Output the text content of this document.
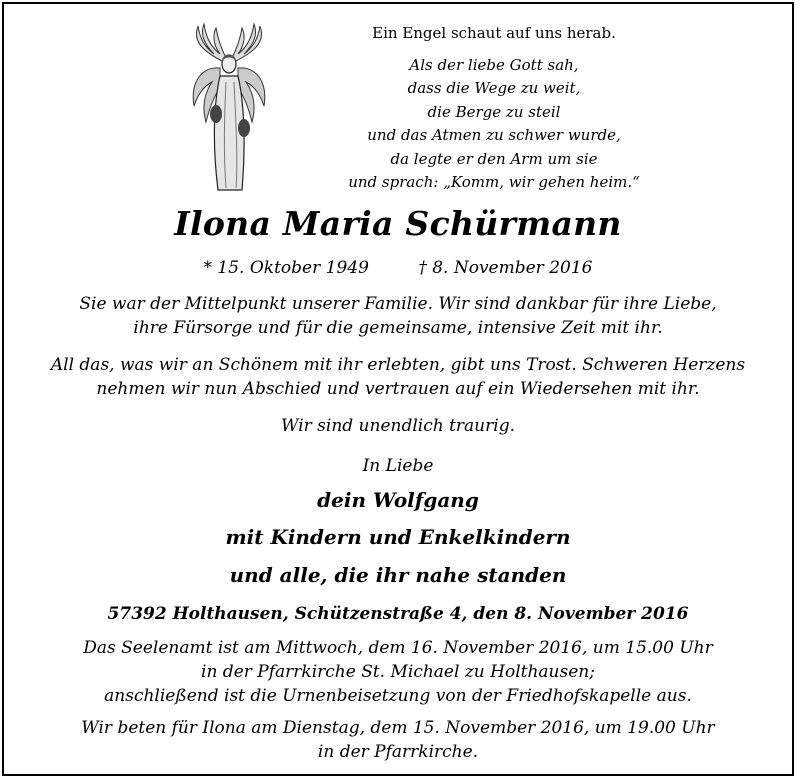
Ein Engel schaut auf uns herab.
Als der liebe Gott sah,
dass die Wege zu weit,
die Berge zu steil
und das Atmen zu schwer wurde,
da legte er den Arm um sie
und sprach: „Komm, wir gehen heim.“
Ilona Maria Schürmann
* 15. Oktober 1949	† 8. November 2016
Sie war der Mittelpunkt unserer Familie. Wir sind dankbar für ihre Liebe,
ihre Fürsorge und für die gemeinsame, intensive Zeit mit ihr.
All das, was wir an Schönem mit ihr erlebten, gibt uns Trost. Schweren Herzens
nehmen wir nun Abschied und vertrauen auf ein Wiedersehen mit ihr.
Wir sind unendlich traurig.
In Liebe
dein Wolfgang
mit Kindern und Enkelkindern
und alle, die ihr nahe standen
57392 Holthausen, Schützenstraße 4, den 8. November 2016
Das Seelenamt ist am Mittwoch, dem 16. November 2016, um 15.00 Uhr
in der Pfarrkirche St. Michael zu Holthausen;
anschließend ist die Urnenbeisetzung von der Friedhofskapelle aus.
Wir beten für Ilona am Dienstag, dem 15. November 2016, um 19.00 Uhr
in der Pfarrkirche.
